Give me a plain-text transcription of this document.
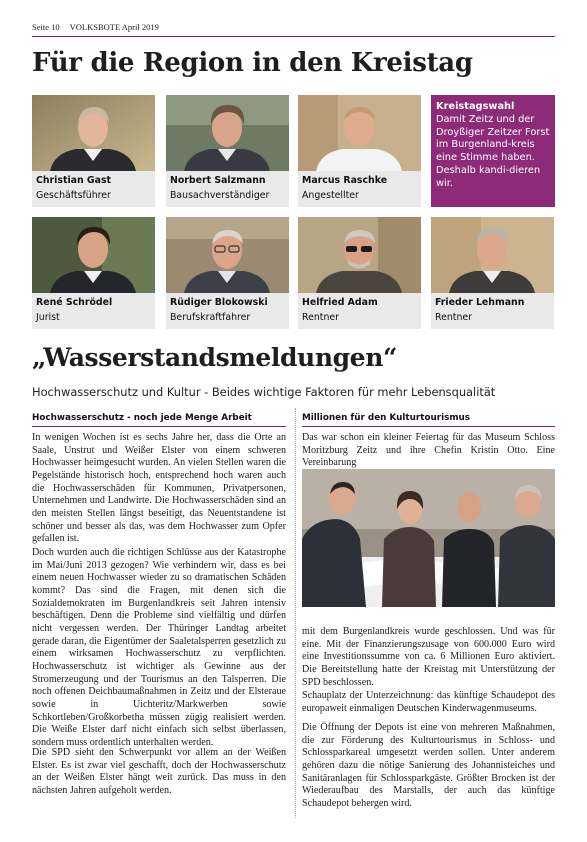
Seite 10 VOLKSBOTE April 2019
Für die Region in den Kreistag
Christian Gast
Geschäftsführer
Norbert Salzmann
Bausachverständiger
Marcus Raschke
Angestellter
Kreistagswahl
Damit Zeitz und der Droyßiger Zeitzer Forst im Burgenland-kreis eine Stimme haben. Deshalb kandi-dieren wir.
René Schrödel
Jurist
Rüdiger Blokowski
Berufskraftfahrer
Helfried Adam
Rentner
Frieder Lehmann
Rentner
„Wasserstandsmeldungen“
Hochwasserschutz und Kultur - Beides wichtige Faktoren für mehr Lebensqualität
Hochwasserschutz - noch jede Menge Arbeit
In wenigen Wochen ist es sechs Jahre her, dass die Orte an Saale, Unstrut und Weißer Elster von einem schweren Hochwasser heimgesucht wurden. An vielen Stellen waren die Pegelstände historisch hoch, entsprechend hoch waren auch die Hochwasserschäden für Kommunen, Privatpersonen, Unternehmen und Landwirte. Die Hochwasserschäden sind an den meisten Stellen längst beseitigt, das Neuentstandene ist schöner und besser als das, was dem Hochwasser zum Opfer gefallen ist.
Doch wurden auch die richtigen Schlüsse aus der Katastrophe im Mai/Juni 2013 gezogen? Wie verhindern wir, dass es bei einem neuen Hochwasser wieder zu so dramatischen Schäden kommt? Das sind die Fragen, mit denen sich die Sozialdemokraten im Burgenlandkreis seit Jahren intensiv beschäftigen. Denn die Probleme sind vielfältig und dürfen nicht vergessen werden. Der Thüringer Landtag arbeitet gerade daran, die Eigentümer der Saaletalsperren gesetzlich zu einem wirksamen Hochwasserschutz zu verpflichten. Hochwasserschutz ist wichtiger als Gewinne aus der Stromerzeugung und der Tourismus an den Talsperren. Die noch offenen Deichbaumaßnahmen in Zeitz und der Elsteraue sowie in Uichteritz/Markwerben sowie Schkortleben/Großkorbetha müssen zügig realisiert werden. Die Weiße Elster darf nicht einfach sich selbst überlassen, sondern muss ordentlich unterhalten werden.
Die SPD sieht den Schwerpunkt vor allem an der Weißen Elster. Es ist zwar viel geschafft, doch der Hochwasserschutz an der Weißen Elster hängt weit zurück. Das muss in den nächsten Jahren aufgeholt werden.
Millionen für den Kulturtourismus
Das war schon ein kleiner Feiertag für das Museum Schloss Moritzburg Zeitz und ihre Chefin Kristin Otto. Eine Vereinbarung
mit dem Burgenlandkreis wurde geschlossen. Und was für eine. Mit der Finanzierungszusage von 600.000 Euro wird eine Investitionssumme von ca. 6 Millionen Euro aktiviert. Die Bereitstellung hatte der Kreistag mit Unterstützung der SPD beschlossen.
Schauplatz der Unterzeichnung: das künftige Schaudepot des europaweit einmaligen Deutschen Kinderwagenmuseums.
Die Öffnung der Depots ist eine von mehreren Maßnahmen, die zur Förderung des Kulturtourismus in Schloss- und Schlossparkareal umgesetzt werden sollen. Unter anderem gehören dazu die nötige Sanierung des Johannisteiches und Sanitäranlagen für Schlossparkgäste. Größter Brocken ist der Wiederaufbau des Marstalls, der auch das künftige Schaudepot behergen wird.
